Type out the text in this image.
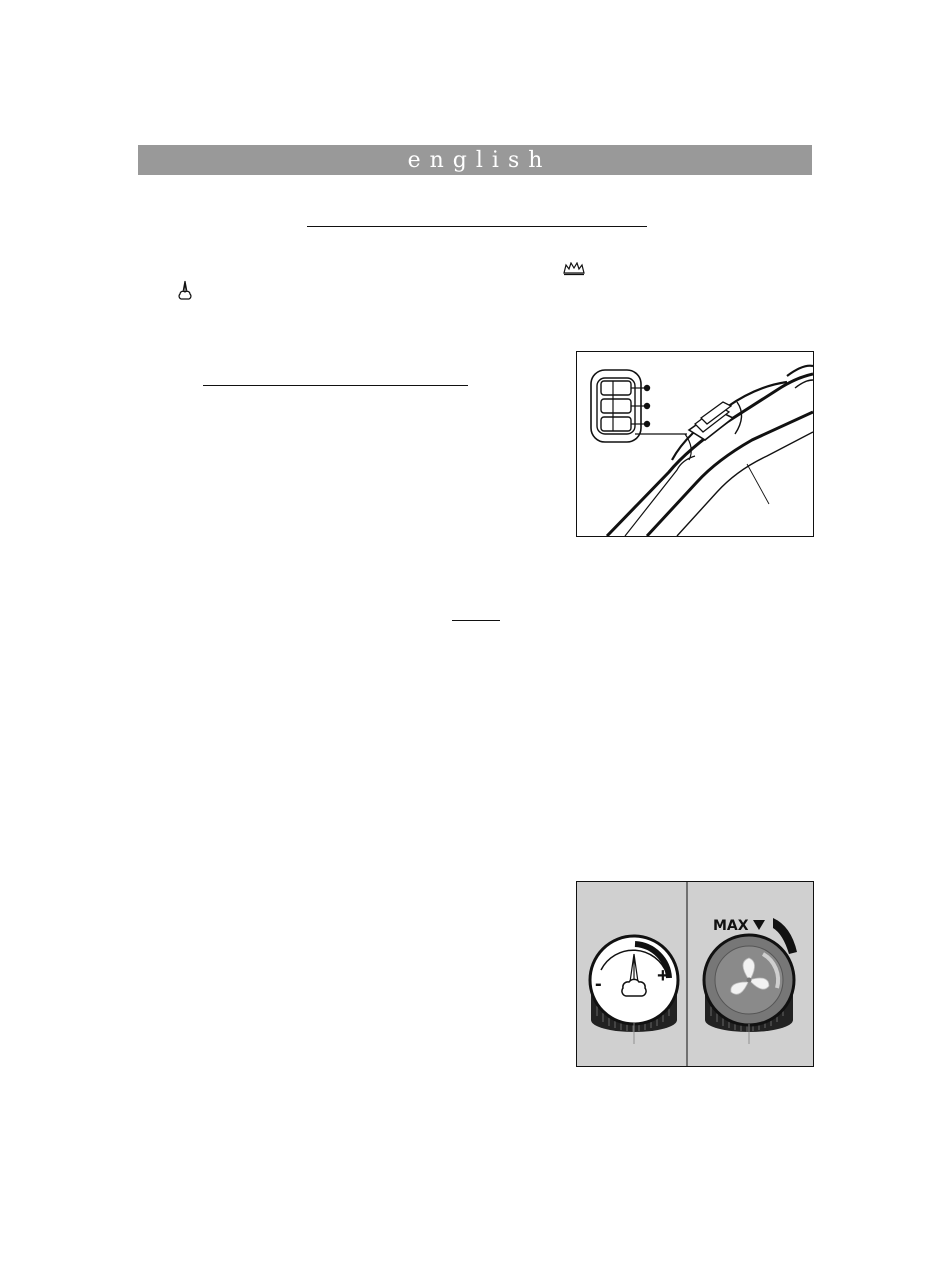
english
-	+
MAX
